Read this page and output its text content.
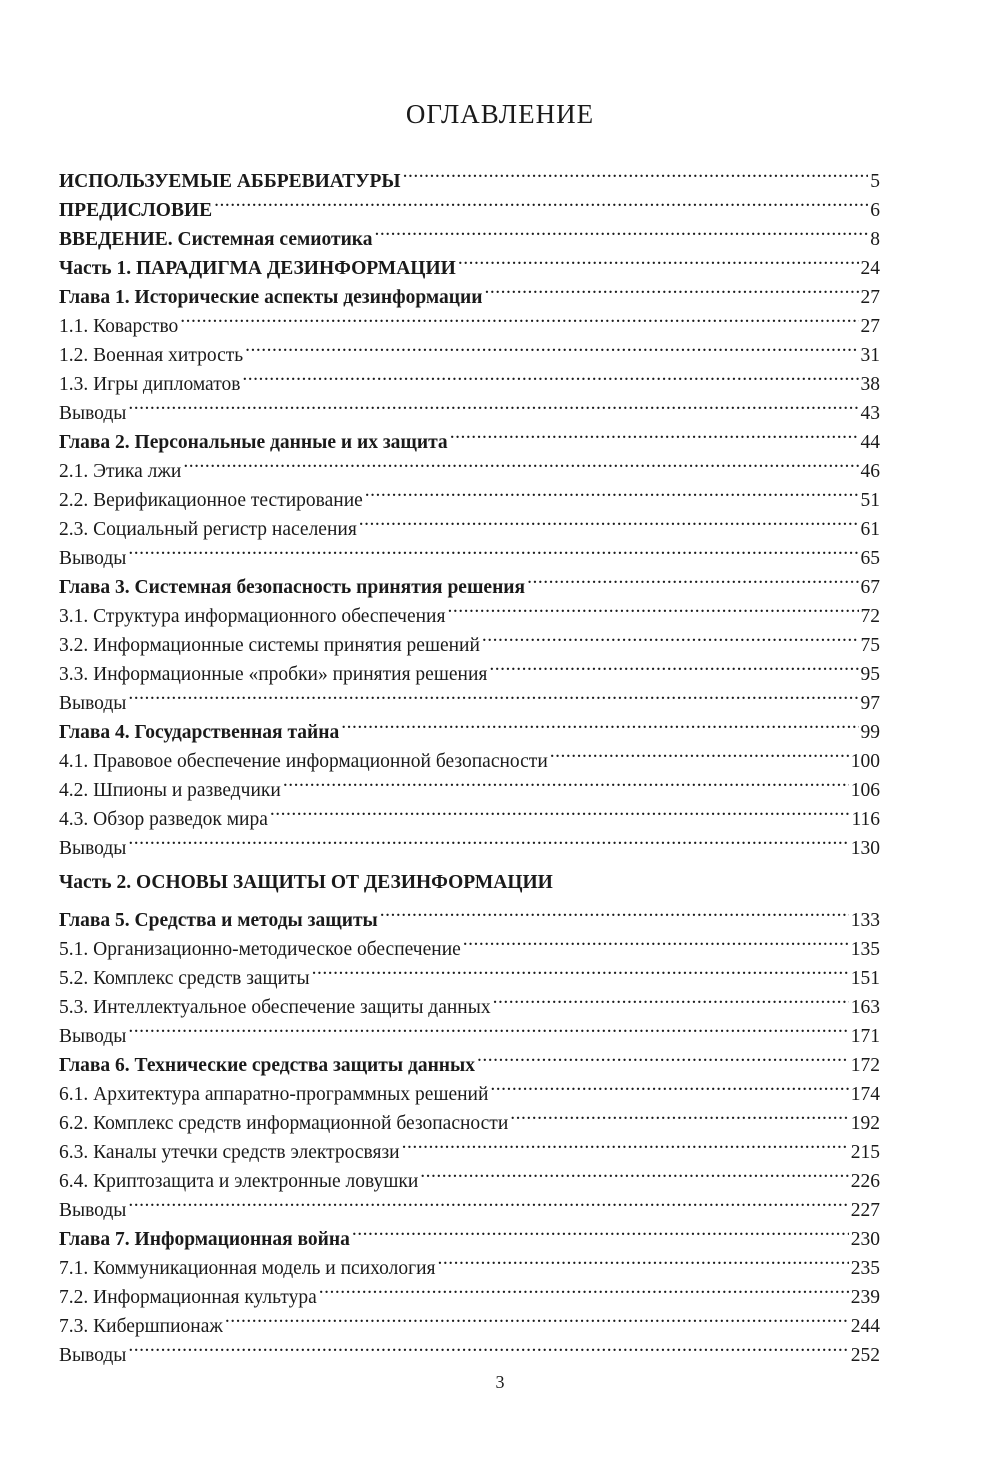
ОГЛАВЛЕНИЕ
ИСПОЛЬЗУЕМЫЕ АББРЕВИАТУРЫ .....	5
ПРЕДИСЛОВИЕ .....	6
ВВЕДЕНИЕ. Системная семиотика .....	8
Часть 1. ПАРАДИГМА ДЕЗИНФОРМАЦИИ .....	24
Глава 1. Исторические аспекты дезинформации .....	27
1.1. Коварство .....	27
1.2. Военная хитрость .....	31
1.3. Игры дипломатов .....	38
Выводы .....	43
Глава 2. Персональные данные и их защита .....	44
2.1. Этика лжи .....	46
2.2. Верификационное тестирование .....	51
2.3. Социальный регистр населения .....	61
Выводы .....	65
Глава 3. Системная безопасность принятия решения .....	67
3.1. Структура информационного обеспечения .....	72
3.2. Информационные системы принятия решений .....	75
3.3. Информационные «пробки» принятия решения .....	95
Выводы .....	97
Глава 4. Государственная тайна .....	99
4.1. Правовое обеспечение информационной безопасности .....	100
4.2. Шпионы и разведчики .....	106
4.3. Обзор разведок мира .....	116
Выводы .....	130
Часть 2. ОСНОВЫ ЗАЩИТЫ ОТ ДЕЗИНФОРМАЦИИ
Глава 5. Средства и методы защиты .....	133
5.1. Организационно-методическое обеспечение .....	135
5.2. Комплекс средств защиты .....	151
5.3. Интеллектуальное обеспечение защиты данных .....	163
Выводы .....	171
Глава 6. Технические средства защиты данных .....	172
6.1. Архитектура аппаратно-программных решений .....	174
6.2. Комплекс средств информационной безопасности .....	192
6.3. Каналы утечки средств электросвязи .....	215
6.4. Криптозащита и электронные ловушки .....	226
Выводы .....	227
Глава 7. Информационная война .....	230
7.1. Коммуникационная модель и психология .....	235
7.2. Информационная культура .....	239
7.3. Кибершпионаж .....	244
Выводы .....	252
3
